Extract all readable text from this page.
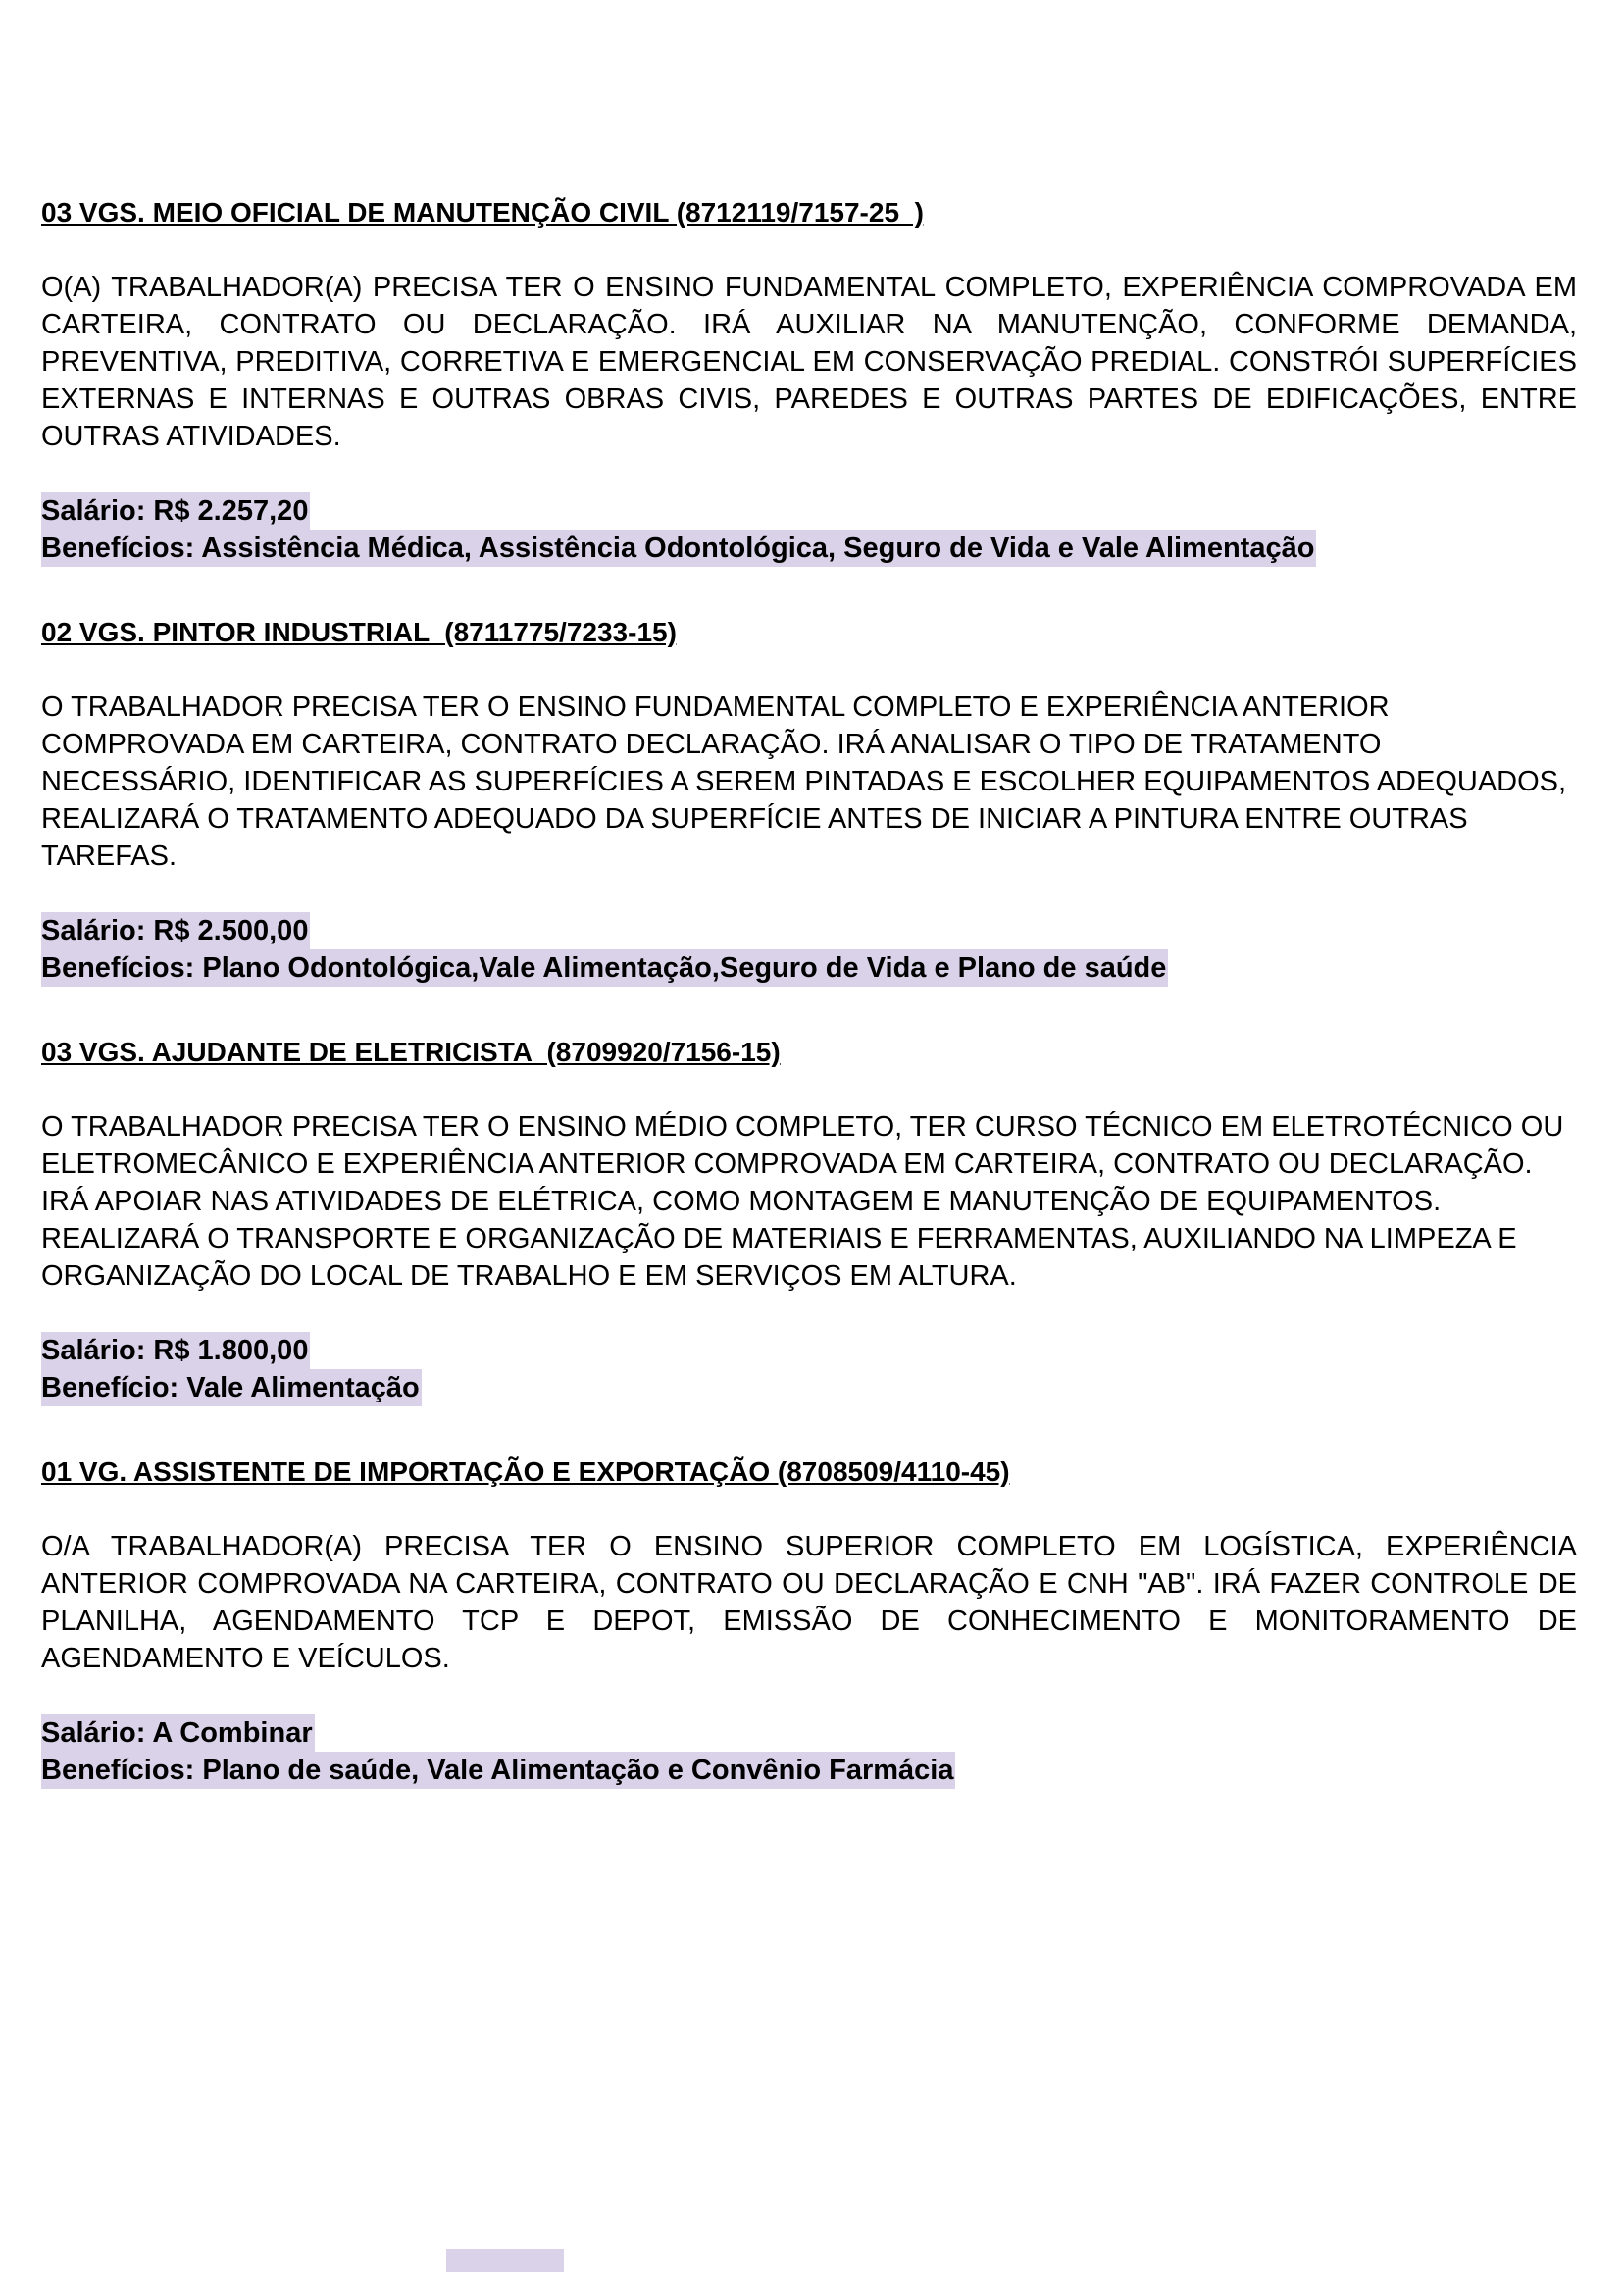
03 VGS. MEIO OFICIAL DE MANUTENÇÃO CIVIL (8712119/7157-25  )

O(A) TRABALHADOR(A) PRECISA TER O ENSINO FUNDAMENTAL COMPLETO, EXPERIÊNCIA COMPROVADA EM CARTEIRA, CONTRATO OU DECLARAÇÃO. IRÁ AUXILIAR NA MANUTENÇÃO, CONFORME DEMANDA, PREVENTIVA, PREDITIVA, CORRETIVA E EMERGENCIAL EM CONSERVAÇÃO PREDIAL. CONSTRÓI SUPERFÍCIES EXTERNAS E INTERNAS E OUTRAS OBRAS CIVIS, PAREDES E OUTRAS PARTES DE EDIFICAÇÕES, ENTRE OUTRAS ATIVIDADES.

Salário: R$ 2.257,20
Benefícios: Assistência Médica, Assistência Odontológica, Seguro de Vida e Vale Alimentação
02 VGS. PINTOR INDUSTRIAL  (8711775/7233-15)

O TRABALHADOR PRECISA TER O ENSINO FUNDAMENTAL COMPLETO E EXPERIÊNCIA ANTERIOR COMPROVADA EM CARTEIRA, CONTRATO DECLARAÇÃO. IRÁ ANALISAR O TIPO DE TRATAMENTO NECESSÁRIO, IDENTIFICAR AS SUPERFÍCIES A SEREM PINTADAS E ESCOLHER EQUIPAMENTOS ADEQUADOS, REALIZARÁ O TRATAMENTO ADEQUADO DA SUPERFÍCIE ANTES DE INICIAR A PINTURA ENTRE OUTRAS TAREFAS.

Salário: R$ 2.500,00
Benefícios: Plano Odontológica,Vale Alimentação,Seguro de Vida e Plano de saúde
03 VGS. AJUDANTE DE ELETRICISTA  (8709920/7156-15)

O TRABALHADOR PRECISA TER O ENSINO MÉDIO COMPLETO, TER CURSO TÉCNICO EM ELETROTÉCNICO OU ELETROMECÂNICO E EXPERIÊNCIA ANTERIOR COMPROVADA EM CARTEIRA, CONTRATO OU DECLARAÇÃO. IRÁ APOIAR NAS ATIVIDADES DE ELÉTRICA, COMO MONTAGEM E MANUTENÇÃO DE EQUIPAMENTOS. REALIZARÁ O TRANSPORTE E ORGANIZAÇÃO DE MATERIAIS E FERRAMENTAS, AUXILIANDO NA LIMPEZA E ORGANIZAÇÃO DO LOCAL DE TRABALHO E EM SERVIÇOS EM ALTURA.

Salário: R$ 1.800,00
Benefício: Vale Alimentação
01 VG. ASSISTENTE DE IMPORTAÇÃO E EXPORTAÇÃO (8708509/4110-45)

O/A TRABALHADOR(A) PRECISA TER O ENSINO SUPERIOR COMPLETO EM LOGÍSTICA, EXPERIÊNCIA ANTERIOR COMPROVADA NA CARTEIRA, CONTRATO OU DECLARAÇÃO E CNH "AB". IRÁ FAZER CONTROLE DE PLANILHA, AGENDAMENTO TCP E DEPOT, EMISSÃO DE CONHECIMENTO E MONITORAMENTO DE AGENDAMENTO E VEÍCULOS.

Salário: A Combinar
Benefícios: Plano de saúde, Vale Alimentação e Convênio Farmácia
